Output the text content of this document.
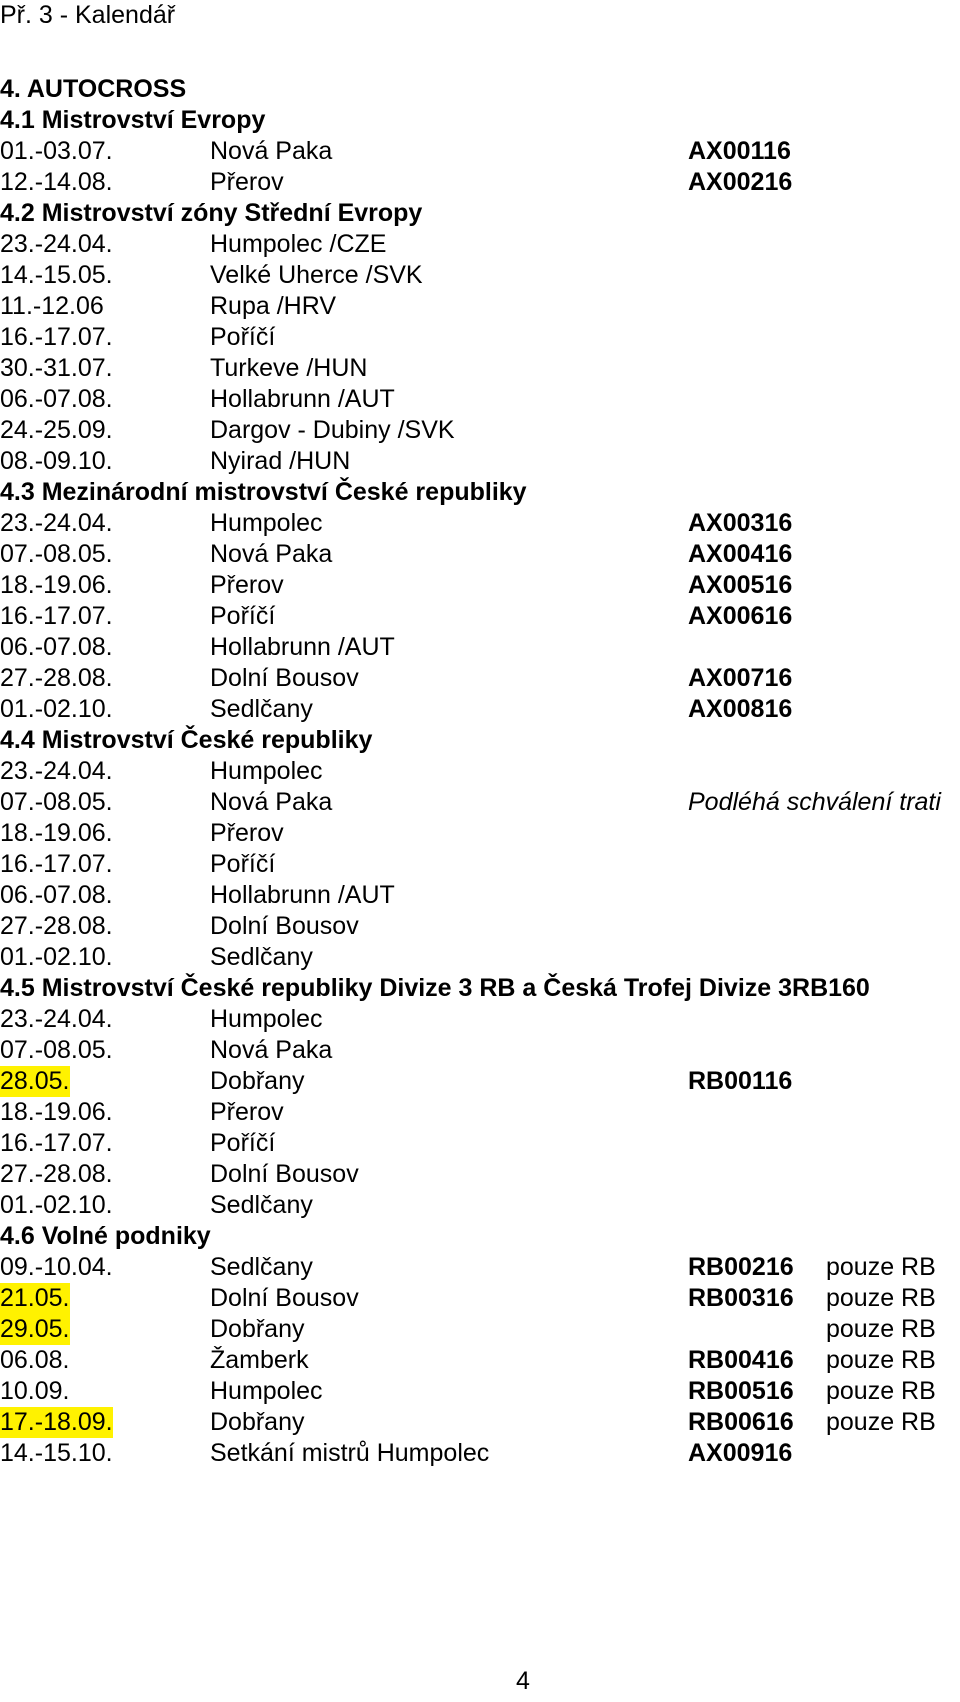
Př. 3 - Kalendář
4. AUTOCROSS
4.1 Mistrovství Evropy
01.-03.07.	Nová Paka	AX00116
12.-14.08.	Přerov	AX00216
4.2 Mistrovství zóny Střední Evropy
23.-24.04.	Humpolec /CZE
14.-15.05.	Velké Uherce /SVK
11.-12.06	Rupa /HRV
16.-17.07.	Poříčí
30.-31.07.	Turkeve /HUN
06.-07.08.	Hollabrunn /AUT
24.-25.09.	Dargov - Dubiny /SVK
08.-09.10.	Nyirad /HUN
4.3 Mezinárodní mistrovství České republiky
23.-24.04.	Humpolec	AX00316
07.-08.05.	Nová Paka	AX00416
18.-19.06.	Přerov	AX00516
16.-17.07.	Poříčí	AX00616
06.-07.08.	Hollabrunn /AUT
27.-28.08.	Dolní Bousov	AX00716
01.-02.10.	Sedlčany	AX00816
4.4 Mistrovství České republiky
23.-24.04.	Humpolec
07.-08.05.	Nová Paka	Podléhá schválení trati
18.-19.06.	Přerov
16.-17.07.	Poříčí
06.-07.08.	Hollabrunn /AUT
27.-28.08.	Dolní Bousov
01.-02.10.	Sedlčany
4.5 Mistrovství České republiky Divize 3 RB a Česká Trofej Divize 3RB160
23.-24.04.	Humpolec
07.-08.05.	Nová Paka
28.05.	Dobřany	RB00116
18.-19.06.	Přerov
16.-17.07.	Poříčí
27.-28.08.	Dolní Bousov
01.-02.10.	Sedlčany
4.6 Volné podniky
09.-10.04.	Sedlčany	RB00216 pouze RB
21.05.	Dolní Bousov	RB00316 pouze RB
29.05.	Dobřany	pouze RB
06.08.	Žamberk	RB00416 pouze RB
10.09.	Humpolec	RB00516 pouze RB
17.-18.09.	Dobřany	RB00616 pouze RB
14.-15.10.	Setkání mistrů Humpolec	AX00916
4
